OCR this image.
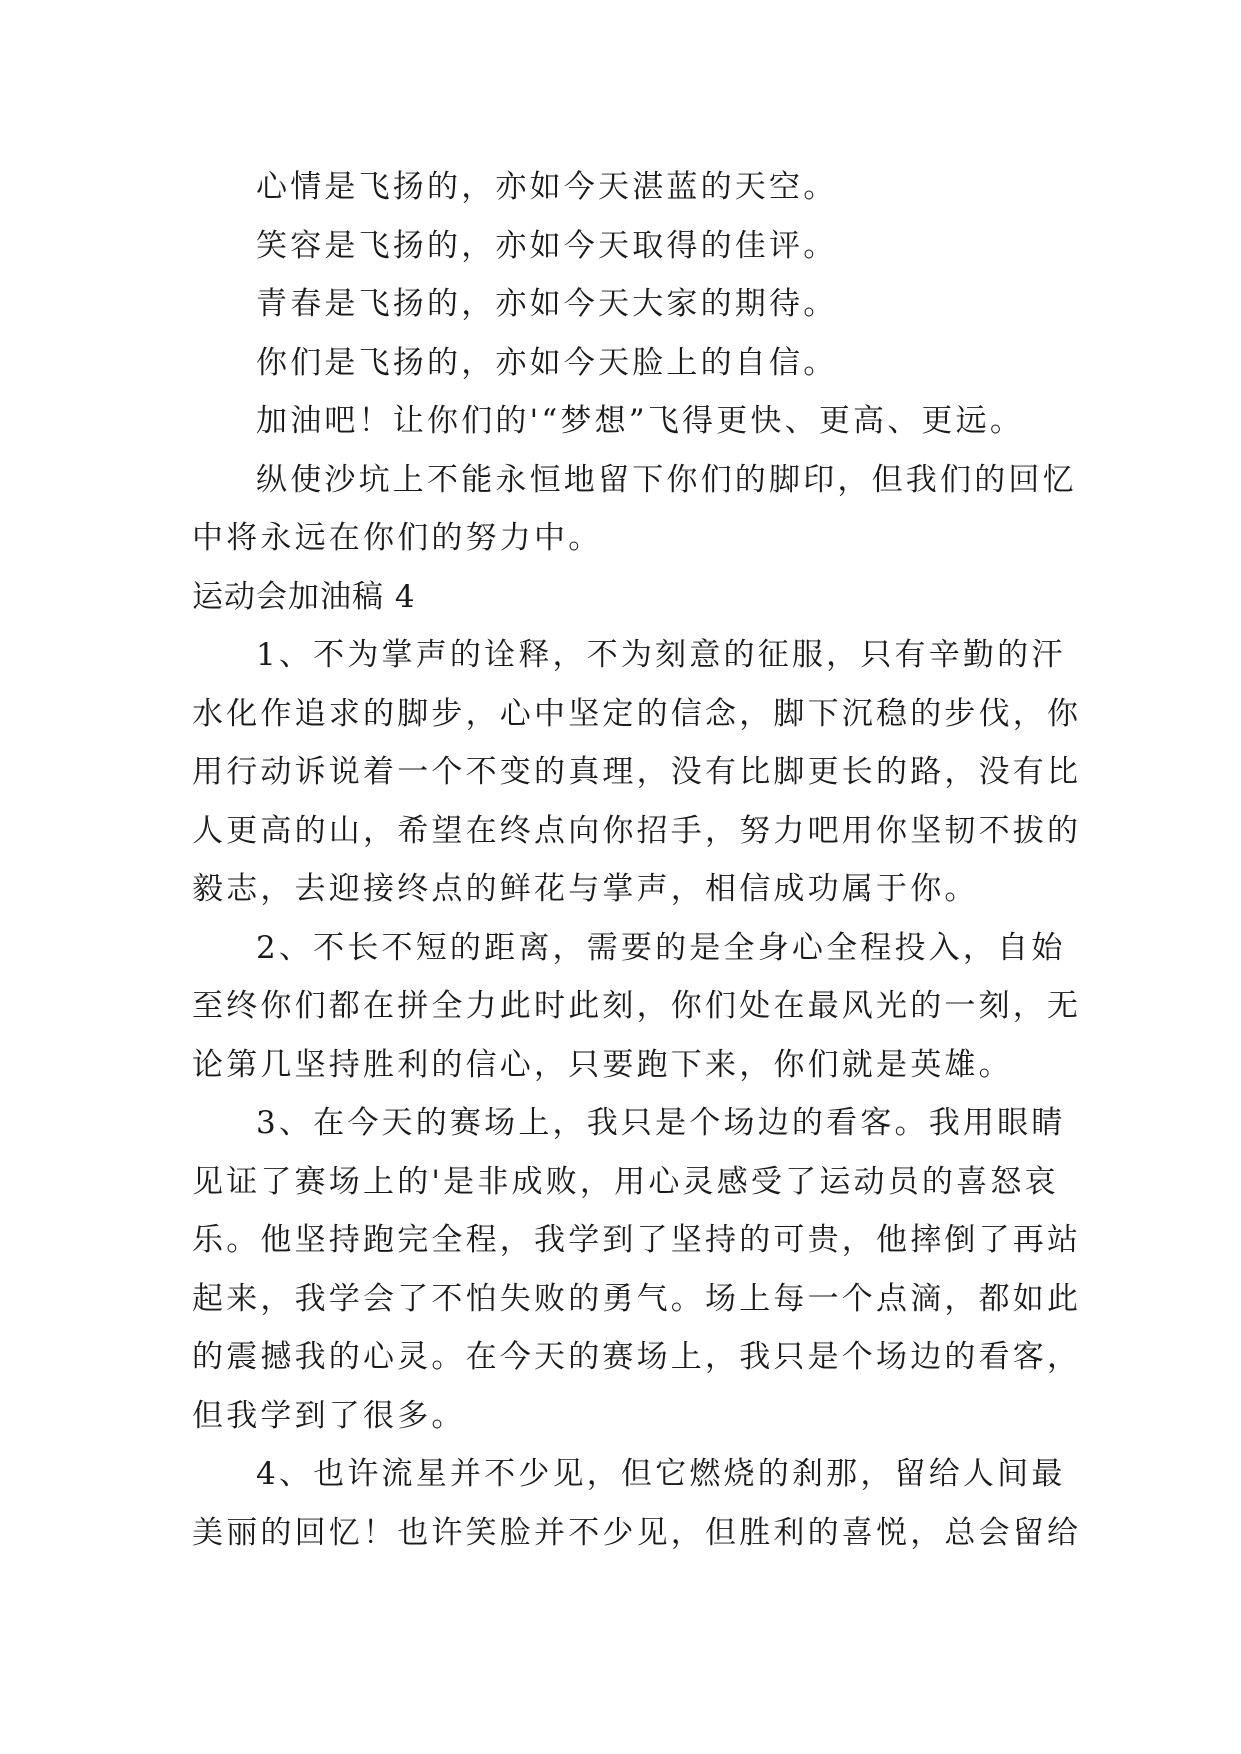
心情是飞扬的，亦如今天湛蓝的天空。
笑容是飞扬的，亦如今天取得的佳评。
青春是飞扬的，亦如今天大家的期待。
你们是飞扬的，亦如今天脸上的自信。
加油吧！让你们的'“梦想”飞得更快、更高、更远。
纵使沙坑上不能永恒地留下你们的脚印，但我们的回忆
中将永远在你们的努力中。
运动会加油稿 4
1、不为掌声的诠释，不为刻意的征服，只有辛勤的汗
水化作追求的脚步，心中坚定的信念，脚下沉稳的步伐，你
用行动诉说着一个不变的真理，没有比脚更长的路，没有比
人更高的山，希望在终点向你招手，努力吧用你坚韧不拔的
毅志，去迎接终点的鲜花与掌声，相信成功属于你。
2、不长不短的距离，需要的是全身心全程投入，自始
至终你们都在拼全力此时此刻，你们处在最风光的一刻，无
论第几坚持胜利的信心，只要跑下来，你们就是英雄。
3、在今天的赛场上，我只是个场边的看客。我用眼睛
见证了赛场上的'是非成败，用心灵感受了运动员的喜怒哀
乐。他坚持跑完全程，我学到了坚持的可贵，他摔倒了再站
起来，我学会了不怕失败的勇气。场上每一个点滴，都如此
的震撼我的心灵。在今天的赛场上，我只是个场边的看客，
但我学到了很多。
4、也许流星并不少见，但它燃烧的刹那，留给人间最
美丽的回忆！也许笑脸并不少见，但胜利的喜悦，总会留给
